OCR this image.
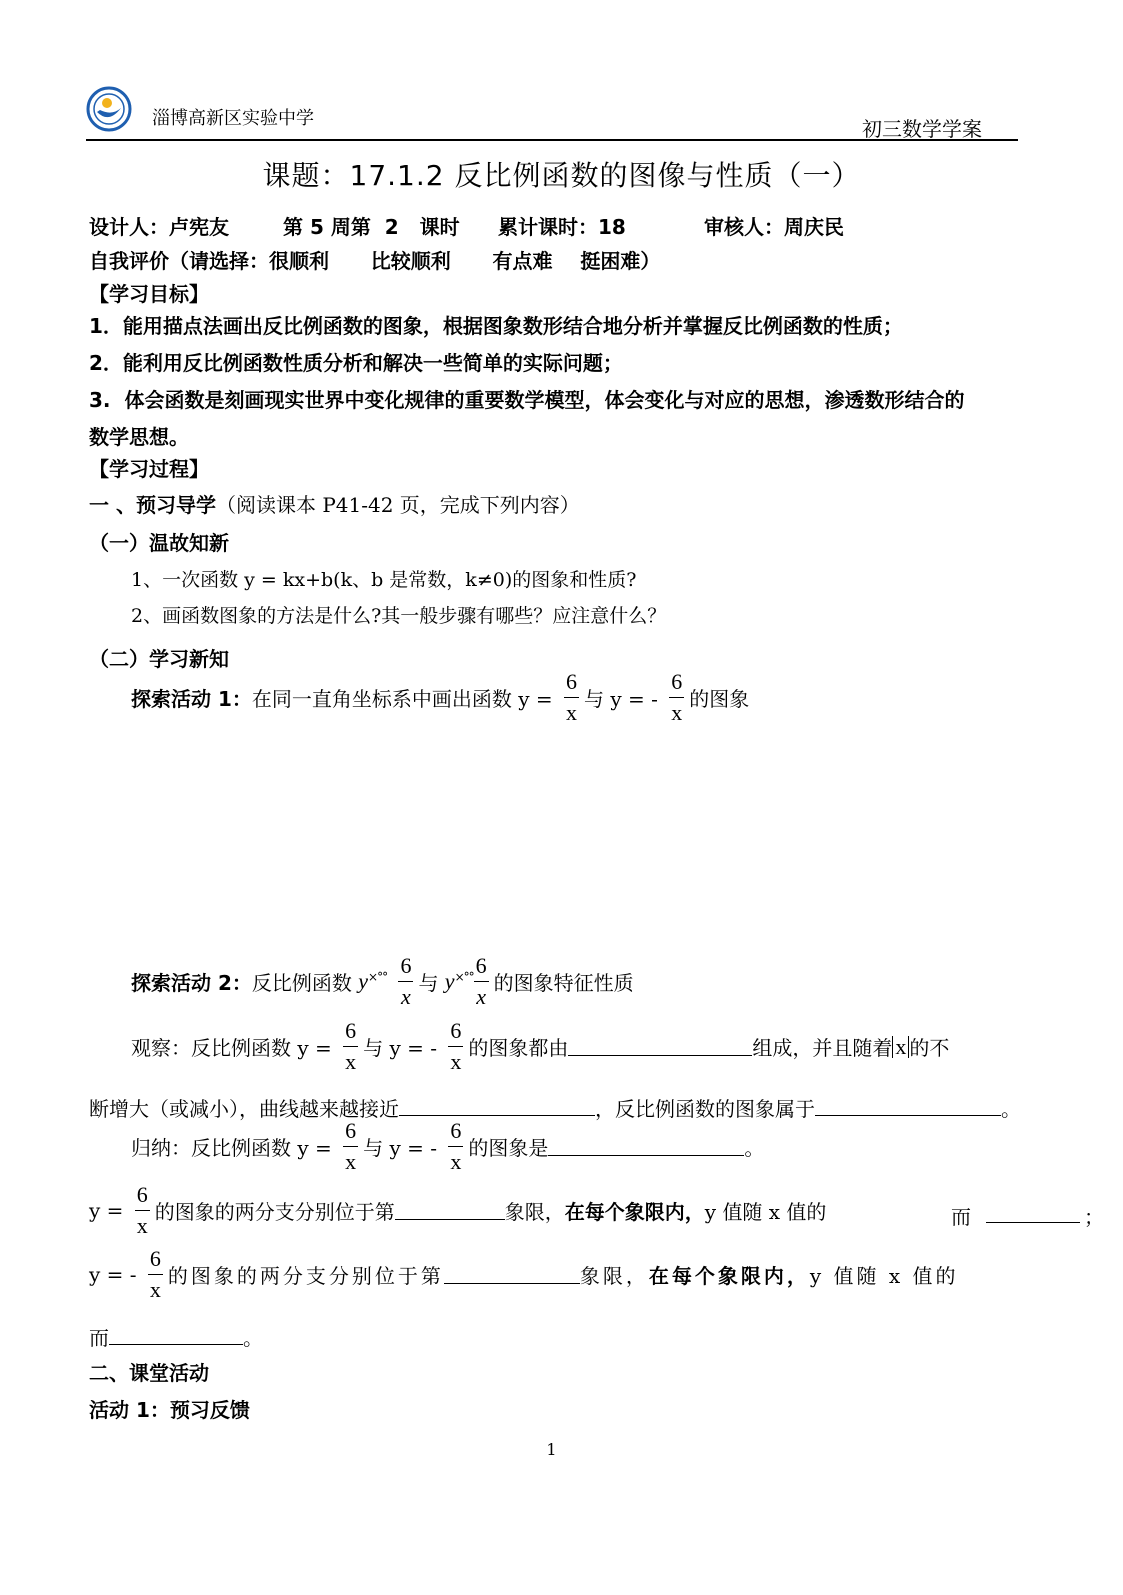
淄博高新区实验中学	初三数学学案
课题：17.1.2 反比例函数的图像与性质（一）
设计人：卢宪友	第 5 周第  2   课时 累计课时：18	审核人：周庆民
自我评价（请选择：很顺利      比较顺利      有点难    挺困难）
【学习目标】
1．能用描点法画出反比例函数的图象，根据图象数形结合地分析并掌握反比例函数的性质；
2．能利用反比例函数性质分析和解决一些简单的实际问题；
3.  体会函数是刻画现实世界中变化规律的重要数学模型，体会变化与对应的思想，渗透数形结合的
数学思想。
【学习过程】
一 、预习导学（阅读课本 P41-42 页，完成下列内容）
（一）温故知新
1、一次函数 y = kx+b(k、b 是常数，k≠0)的图象和性质?
2、画函数图象的方法是什么?其一般步骤有哪些？应注意什么？
（二）学习新知
探索活动 1：在同一直角坐标系中画出函数 $y = \frac{6}{x}$ 与 y = - $\frac{6}{x}$ 的图象
探索活动 2：反比例函数 $y^{\times^\circ^\circ} \frac{6}{x}$ 与 $y^{\times^\circ^\circ} \frac{6}{x}$ 的图象特征性质
观察：反比例函数 $y = \frac{6}{x}$ 与 y = - $\frac{6}{x}$ 的图象都由	组成，并且随着 x 的不
断增大（或减小），曲线越来越接近	，反比例函数的图象属于	。
归纳：反比例函数 $y = \frac{6}{x}$ 与 y = - $\frac{6}{x}$ 的图象是	。
$y = \frac{6}{x}$ 的图象的两分支分别位于第	象限，在每个象限内，y 值随 x 值的	而	；
y = - $\frac{6}{x}$ 的图象的两分支分别位于第	象限，在每个象限内，y 值随 x 值的
而	。
二、课堂活动
活动 1：预习反馈
1
